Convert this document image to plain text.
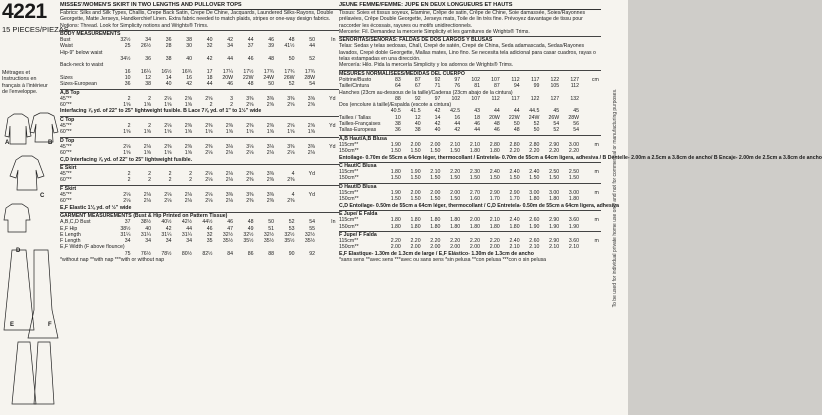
4221
15 PIECES/PIEZAS
Métrages et Instructions en français à l'intérieur de l'enveloppe.
A	B
C
D
E	F
MISSES'/WOMEN'S SKIRT IN TWO LENGTHS AND PULLOVER TOPS
Fabrics: Silks and Silk Types, Challis, Crepe Back Satin, Crepe De Chine, Jacquards, Laundered Silks-Rayons, Double Georgette, Matte Jerseys, Handkerchief Linen. Extra fabric needed to match plaids, stripes or one-way design fabrics.
Notions: Thread. Look for Simplicity notions and Wrights® Trims.
BODY MEASUREMENTS
Bust	32½	34	36	38	40	42	44	46	48	50	In
Waist	25	26½	28	30	32	34	37	39	41½	44
Hip-9" below waist
34½	36	38	40	42	44	46	48	50	52
Back-neck to waist
16	16¼	16½	16¾	17	17¼	17½	17¾	17¾	17¾
Sizes	10	12	14	16	18	20W	22W	24W	26W	28W
Sizes-European	36	38	40	42	44	46	48	50	52	54
A,B Top
45"**	2	2	2⅛	2⅝	2⅝	3	3⅜	3⅜	3⅜	3⅝	Yd
60"**	1⅝	1⅝	1⅝	1⅝	2	2	2⅝	2⅝	2⅝	2⅝
Interfacing ⅞ yd. of 22" to 25" lightweight fusible. B Lace 7⅞ yd. of 1" to 1½" wide
C Top
45"**	2	2	2⅛	2⅜	2⅜	2⅜	2⅜	2⅜	2⅝	2⅝	Yd
60"**	1⅝	1⅝	1⅝	1⅝	1⅝	1⅝	1⅝	1⅝	1⅝	1⅝
D Top
45"**	2⅛	2⅛	2⅜	2⅜	2⅜	3⅛	3⅛	3⅛	3⅜	3⅜	Yd
60"**	1⅝	1⅝	1⅝	1⅝	2⅛	2⅛	2⅛	2⅛	2⅛	2⅛
C,D Interfacing ⅞ yd. of 22" to 25" lightweight fusible.
E Skirt
45"**	2	2	2	2	2⅛	2⅛	2⅜	3⅜	4	Yd
60"**	2	2	2	2	2⅛	2⅛	2⅜	2⅜	2⅜
F Skirt
45"**	2⅛	2⅛	2⅛	2⅛	2⅛	3⅜	3⅜	3⅜	4	Yd
60"**	2⅛	2⅛	2⅛	2⅛	2⅛	2⅛	2⅜	2⅜	2⅜
E,F Elastic 1⅛ yd. of ½" wide
GARMENT MEASUREMENTS (Bust & Hip Printed on Pattern Tissue)
A,B,C,D Bust	37	38½	40½	42½	44½	46	48	50	52	54	In
E,F Hip	38½	40	42	44	46	47	49	51	53	55
E Length	31¼	31¼	31¼	31¼	32	32½	32½	32½	32½	32½
F Length	34	34	34	34	35	35½	35½	35½	35½	35½
E,F Width (F above flounce)
75	76½	78½	80½	82½	84	86	88	90	92
*without nap **with nap ***with or without nap
JEUNE FEMME/FEMME: JUPE EN DEUX LONGUEURS ET HAUTS
Tissus: Soies et tissus soyeux, Étamine, Crêpe de satin, Crêpe de Chine, Soie damassée, Soies/Rayonnes prélavées, Crêpe Double Georgette, Jerseys mats, Toile de lin très fine. Prévoyez davantage de tissu pour raccorder les écossais, rayures ou motifs unidirectionnels.
Mercerie: Fil. Demandez la mercerie Simplicity et les garnitures de Wrights® Trims.
SEÑORITAS/SEÑORAS: FALDAS DE DOS LARGOS Y BLUSAS
Telas: Sedas y telas sedosas, Chalí, Crepé de satén, Crepé de China, Seda adamascada, Sedas/Rayones lavados, Crepé doble Georgette, Mallas mates, Lino fino. Se necesita tela adicional para casar cuadros, rayas o telas estampadas en una dirección.
Mercería: Hilo. Pida la mercería Simplicity y los adornos de Wrights® Trims.
MESURES NORMALISEES/MEDIDAS DEL CUERPO
Poitrine/Busto	83	87	92	97	102	107	112	117	122	127	cm
Taille/Cintura	64	67	71	76	81	87	94	99	105	112
Hanches (23cm au-dessous de la taille)/Caderas (23cm abajo de la cintura)
88	92	97	102	107	112	117	122	127	132
Dos (encolure à taille)/Espalda (escote a cintura)
40.5	41.5	42	42.5	43	44	44	44.5	45	45
Tailles / Tallas	10	12	14	16	18	20W	22W	24W	26W	28W
Tailles-Françaises	38	40	42	44	46	48	50	52	54	56
Tallas-Europeas	36	38	40	42	44	46	48	50	52	54
A,B Haut/A,B Blusa
115cm**	1.90	2.00	2.00	2.10	2.10	2.80	2.80	2.80	2.90	3.00	m
150cm**	1.50	1.50	1.50	1.50	1.80	1.80	2.20	2.20	2.20	2.20
Entoilage- 0.70m de 55cm a 64cm léger, thermocollant / Entretela- 0.70m de 55cm a 64cm ligera, adhesiva / B Dentelle- 2.00m a 2.5cm a 3.8cm de ancho/ B Encaje- 2.00m de 2.5cm a 3.8cm de ancho
C Haut/C Blusa
115cm**	1.80	1.90	2.10	2.20	2.30	2.40	2.40	2.40	2.50	2.50	m
150cm**	1.50	1.50	1.50	1.50	1.50	1.50	1.50	1.50	1.50	1.50
D Haut/D Blusa
115cm**	1.90	2.00	2.00	2.00	2.70	2.90	2.90	3.00	3.00	3.00	m
150cm**	1.50	1.50	1.50	1.50	1.60	1.70	1.70	1.80	1.80	1.80
C,D Entoilage- 0.50m de 55cm a 64cm léger, thermocollant / C,D Entretela- 0.50m de 55cm a 64cm ligera, adhesiva
E Jupe/ E Falda
115cm**	1.80	1.80	1.80	1.80	2.00	2.10	2.40	2.60	2.90	3.60	m
150cm**	1.80	1.80	1.80	1.80	1.80	1.80	1.80	1.90	1.90	1.90
F Jupe/ F Falda
115cm**	2.20	2.20	2.20	2.20	2.20	2.20	2.40	2.60	2.90	3.60	m
150cm**	2.00	2.00	2.00	2.00	2.00	2.00	2.10	2.10	2.10	2.10
E,F Elastique- 1.30m de 1.3cm de large / E,F Elástico- 1.30m de 1.3cm de ancho
*sans sens **avec sens ***avec ou sans sens *sin pelusa **con pelusa ***con o sin pelusa	To be used for individual private home use only and not for commercial or manufacturing purposes.
